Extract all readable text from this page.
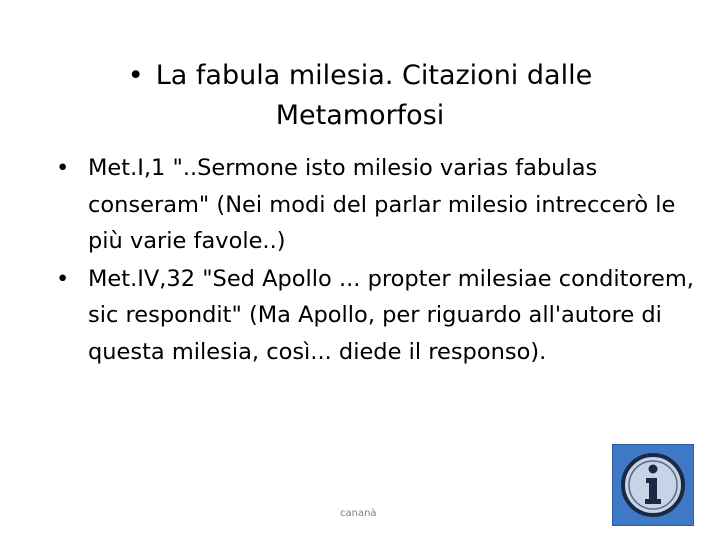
• La fabula milesia. Citazioni dalle Metamorfosi
• Met.I,1 "..Sermone isto milesio varias fabulas conseram" (Nei modi del parlar milesio intreccerò le più varie favole..)
• Met.IV,32 "Sed Apollo ... propter milesiae conditorem, sic respondit" (Ma Apollo, per riguardo all'autore di questa milesia, così... diede il responso).
cananà
